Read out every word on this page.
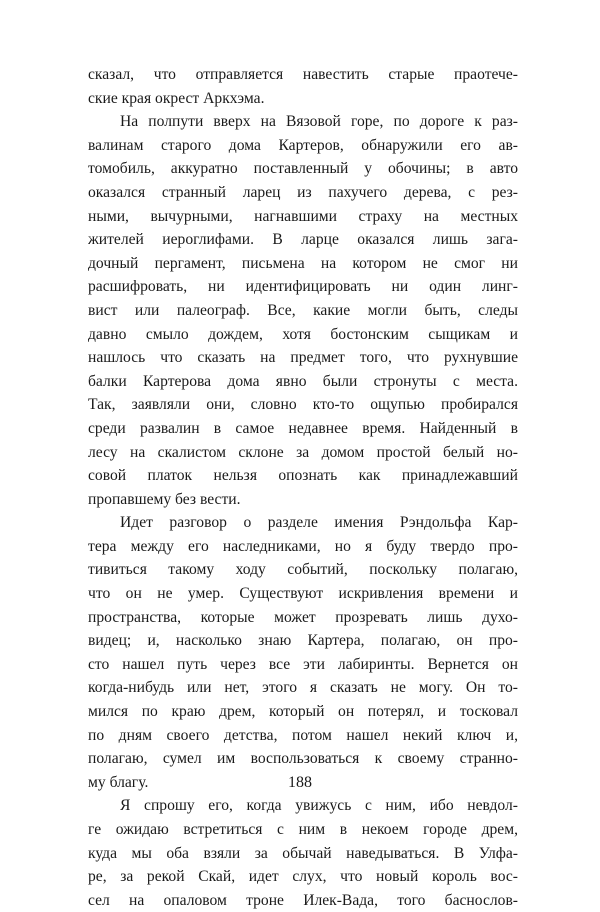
сказал, что отправляется навестить старые праотече-
ские края окрест Аркхэма.
На полпути вверх на Вязовой горе, по дороге к раз-
валинам старого дома Картеров, обнаружили его ав-
томобиль, аккуратно поставленный у обочины; в авто
оказался странный ларец из пахучего дерева, с рез-
ными, вычурными, нагнавшими страху на местных
жителей иероглифами. В ларце оказался лишь зага-
дочный пергамент, письмена на котором не смог ни
расшифровать, ни идентифицировать ни один линг-
вист или палеограф. Все, какие могли быть, следы
давно смыло дождем, хотя бостонским сыщикам и
нашлось что сказать на предмет того, что рухнувшие
балки Картерова дома явно были стронуты с места.
Так, заявляли они, словно кто-то ощупью пробирался
среди развалин в самое недавнее время. Найденный в
лесу на скалистом склоне за домом простой белый но-
совой платок нельзя опознать как принадлежавший
пропавшему без вести.
Идет разговор о разделе имения Рэндольфа Кар-
тера между его наследниками, но я буду твердо про-
тивиться такому ходу событий, поскольку полагаю,
что он не умер. Существуют искривления времени и
пространства, которые может прозревать лишь духо-
видец; и, насколько знаю Картера, полагаю, он про-
сто нашел путь через все эти лабиринты. Вернется он
когда-нибудь или нет, этого я сказать не могу. Он то-
мился по краю дрем, который он потерял, и тосковал
по дням своего детства, потом нашел некий ключ и,
полагаю, сумел им воспользоваться к своему странно-
му благу.
Я спрошу его, когда увижусь с ним, ибо невдол-
ге ожидаю встретиться с ним в некоем городе дрем,
куда мы оба взяли за обычай наведываться. В Улфа-
ре, за рекой Скай, идет слух, что новый король вос-
сел на опаловом троне Илек-Вада, того баснослов-
188
